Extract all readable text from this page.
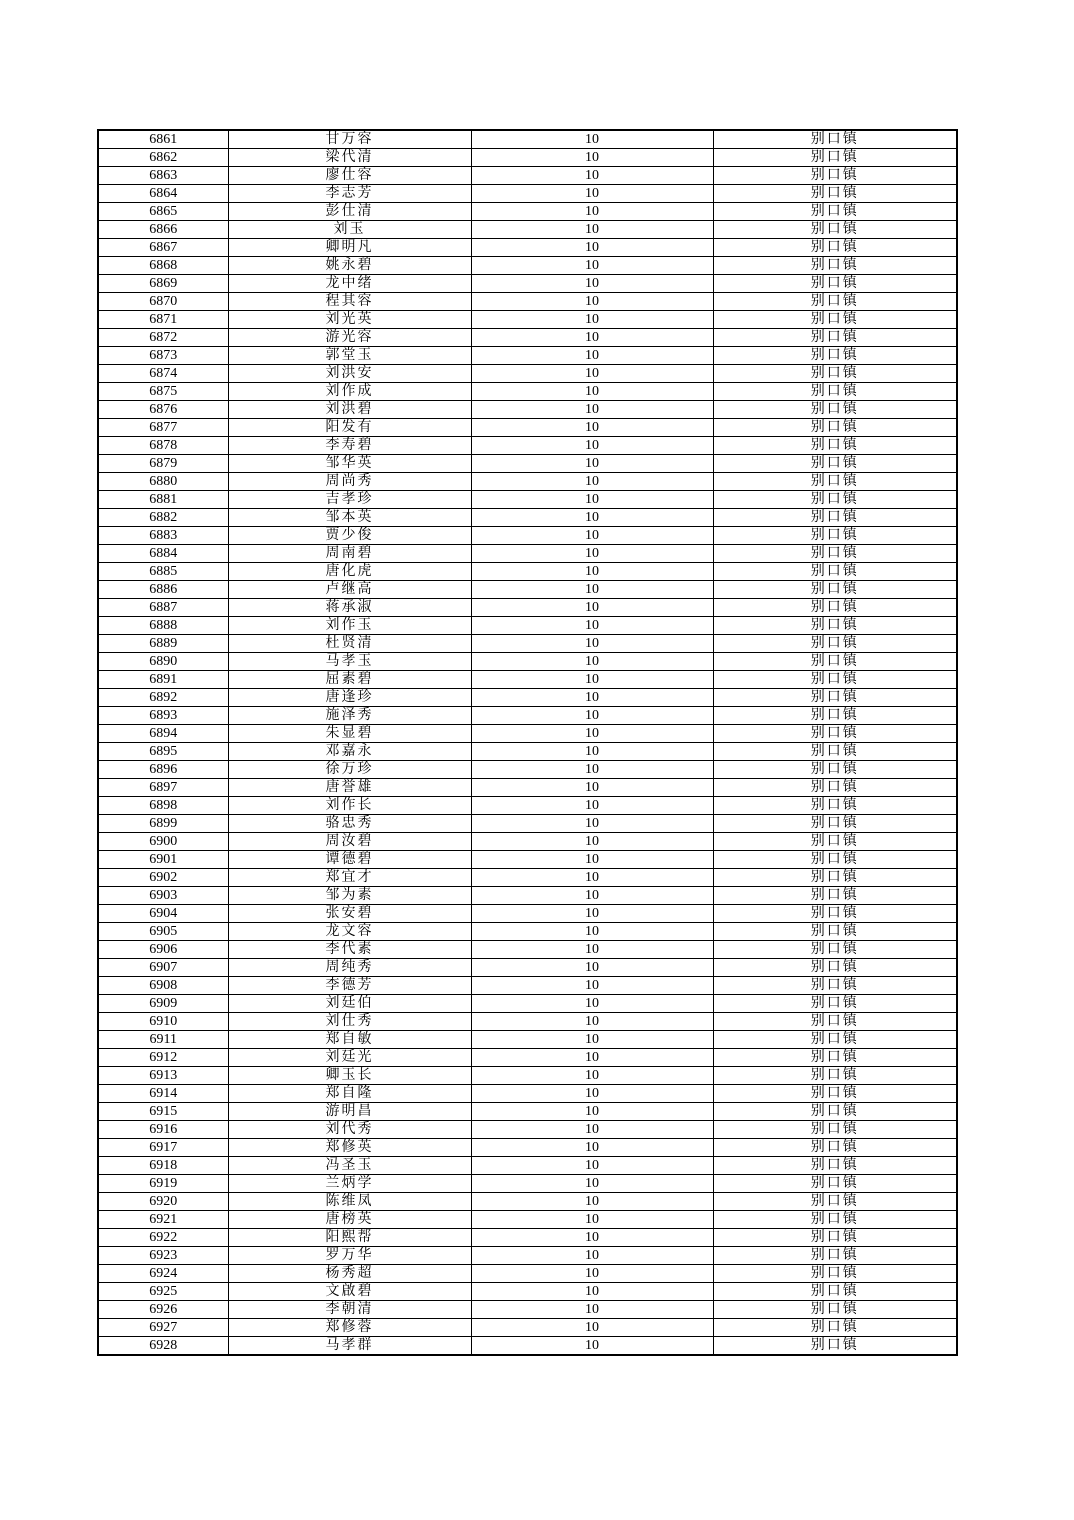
6861	甘万容	10	别口镇
6862	梁代清	10	别口镇
6863	廖仕容	10	别口镇
6864	李志芳	10	别口镇
6865	彭仕清	10	别口镇
6866	刘玉	10	别口镇
6867	卿明凡	10	别口镇
6868	姚永碧	10	别口镇
6869	龙中绪	10	别口镇
6870	程其容	10	别口镇
6871	刘光英	10	别口镇
6872	游光容	10	别口镇
6873	郭堂玉	10	别口镇
6874	刘洪安	10	别口镇
6875	刘作成	10	别口镇
6876	刘洪碧	10	别口镇
6877	阳发有	10	别口镇
6878	李寿碧	10	别口镇
6879	邹华英	10	别口镇
6880	周尚秀	10	别口镇
6881	吉孝珍	10	别口镇
6882	邹本英	10	别口镇
6883	贾少俊	10	别口镇
6884	周南碧	10	别口镇
6885	唐化虎	10	别口镇
6886	卢继高	10	别口镇
6887	蒋承淑	10	别口镇
6888	刘作玉	10	别口镇
6889	杜贤清	10	别口镇
6890	马孝玉	10	别口镇
6891	屈素碧	10	别口镇
6892	唐逢珍	10	别口镇
6893	施泽秀	10	别口镇
6894	朱显碧	10	别口镇
6895	邓嘉永	10	别口镇
6896	徐万珍	10	别口镇
6897	唐誉雄	10	别口镇
6898	刘作长	10	别口镇
6899	骆忠秀	10	别口镇
6900	周汝碧	10	别口镇
6901	谭德碧	10	别口镇
6902	郑宜才	10	别口镇
6903	邹为素	10	别口镇
6904	张安碧	10	别口镇
6905	龙文容	10	别口镇
6906	李代素	10	别口镇
6907	周纯秀	10	别口镇
6908	李德芳	10	别口镇
6909	刘廷伯	10	别口镇
6910	刘仕秀	10	别口镇
6911	郑自敏	10	别口镇
6912	刘廷光	10	别口镇
6913	卿玉长	10	别口镇
6914	郑自隆	10	别口镇
6915	游明昌	10	别口镇
6916	刘代秀	10	别口镇
6917	郑修英	10	别口镇
6918	冯圣玉	10	别口镇
6919	兰炳学	10	别口镇
6920	陈维凤	10	别口镇
6921	唐榜英	10	别口镇
6922	阳熙帮	10	别口镇
6923	罗万华	10	别口镇
6924	杨秀超	10	别口镇
6925	文啟碧	10	别口镇
6926	李朝清	10	别口镇
6927	郑修蓉	10	别口镇
6928	马孝群	10	别口镇
